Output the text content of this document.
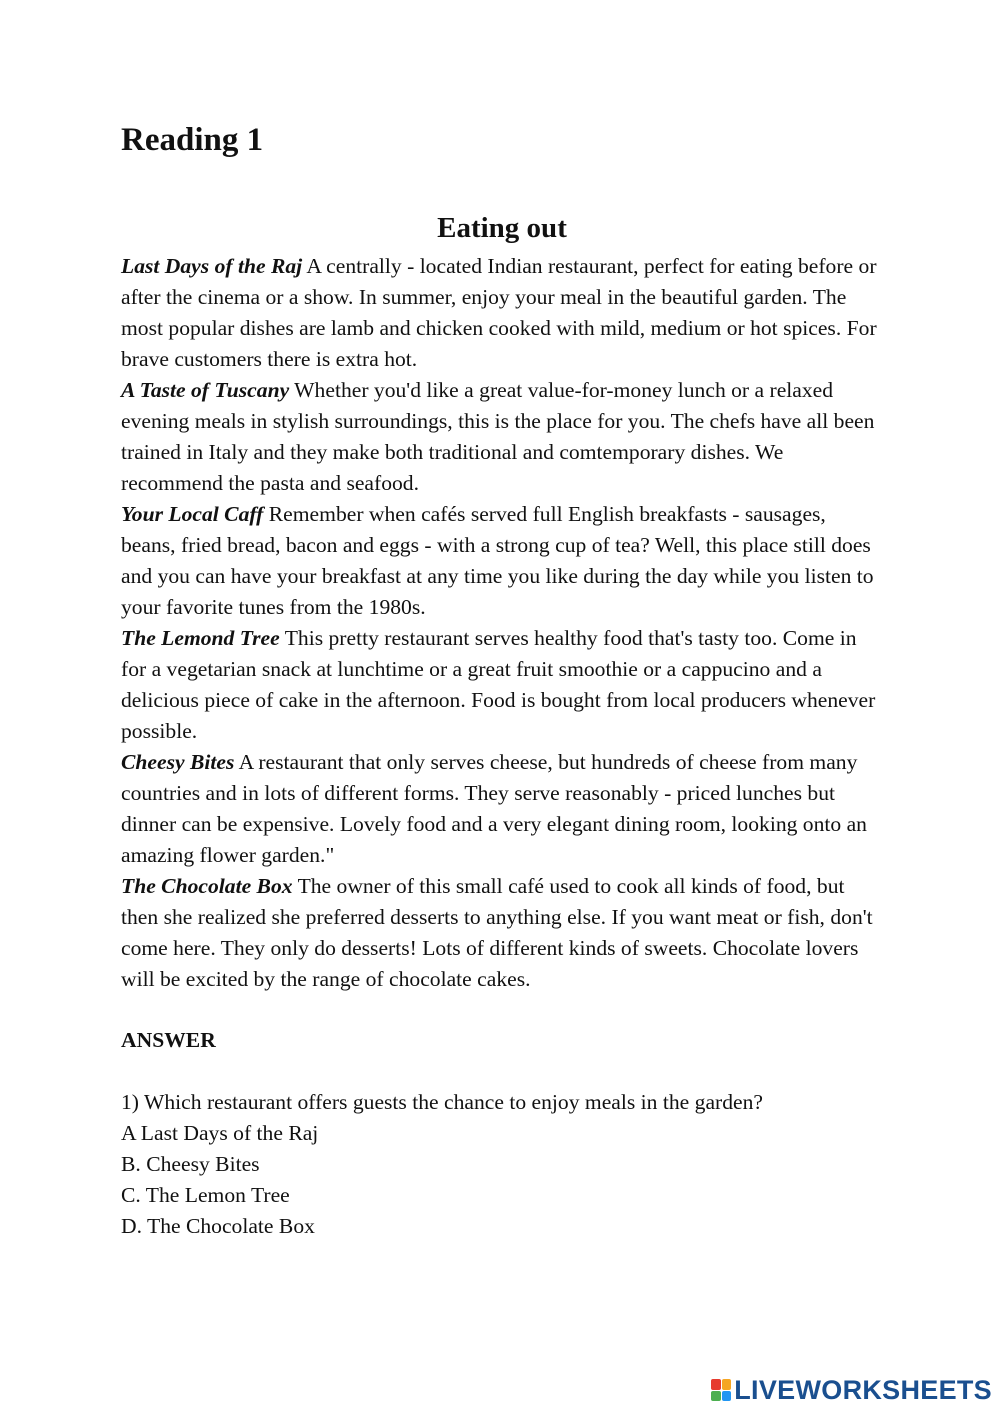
Reading 1
Eating out

Last Days of the Raj A centrally - located Indian restaurant, perfect for eating before or after the cinema or a show. In summer, enjoy your meal in the beautiful garden. The most popular dishes are lamb and chicken cooked with mild, medium or hot spices. For brave customers there is extra hot.

A Taste of Tuscany Whether you'd like a great value-for-money lunch or a relaxed evening meals in stylish surroundings, this is the place for you. The chefs have all been trained in Italy and they make both traditional and comtemporary dishes. We recommend the pasta and seafood.

Your Local Caff Remember when cafés served full English breakfasts - sausages, beans, fried bread, bacon and eggs - with a strong cup of tea? Well, this place still does and you can have your breakfast at any time you like during the day while you listen to your favorite tunes from the 1980s.

The Lemond Tree This pretty restaurant serves healthy food that's tasty too. Come in for a vegetarian snack at lunchtime or a great fruit smoothie or a cappucino and a delicious piece of cake in the afternoon. Food is bought from local producers whenever possible.

Cheesy Bites A restaurant that only serves cheese, but hundreds of cheese from many countries and in lots of different forms. They serve reasonably - priced lunches but dinner can be expensive. Lovely food and a very elegant dining room, looking onto an amazing flower garden."

The Chocolate Box The owner of this small café used to cook all kinds of food, but then she realized she preferred desserts to anything else. If you want meat or fish, don't come here. They only do desserts! Lots of different kinds of sweets. Chocolate lovers will be excited by the range of chocolate cakes.

ANSWER

1) Which restaurant offers guests the chance to enjoy meals in the garden?

A Last Days of the Raj

B. Cheesy Bites

C. The Lemon Tree

D. The Chocolate Box

LIVEWORKSHEETS
